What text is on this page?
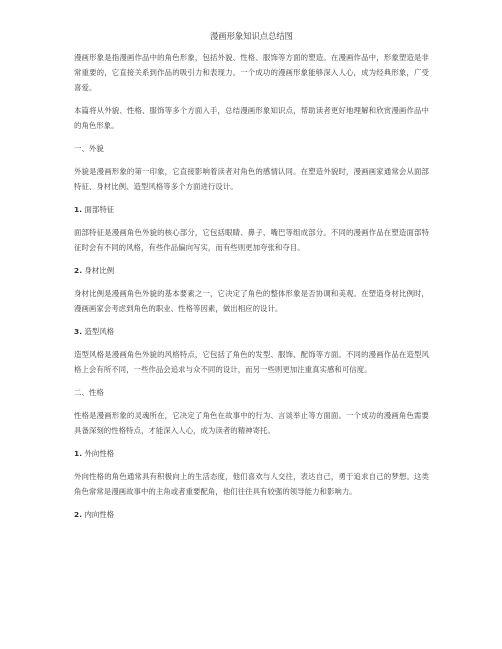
漫画形象知识点总结图

漫画形象是指漫画作品中的角色形象，包括外貌、性格、服饰等方面的塑造。在漫画作品中，形象塑造是非常重要的，它直接关系到作品的吸引力和表现力。一个成功的漫画形象能够深入人心，成为经典形象，广受喜爱。

本篇将从外貌、性格、服饰等多个方面入手，总结漫画形象知识点，帮助读者更好地理解和欣赏漫画作品中的角色形象。

一、外貌

外貌是漫画形象的第一印象，它直接影响着读者对角色的感情认同。在塑造外貌时，漫画画家通常会从面部特征、身材比例、造型风格等多个方面进行设计。

1. 面部特征

面部特征是漫画角色外貌的核心部分，它包括眼睛、鼻子、嘴巴等组成部分。不同的漫画作品在塑造面部特征时会有不同的风格，有些作品偏向写实，而有些则更加夸张和夺目。

2. 身材比例

身材比例是漫画角色外貌的基本要素之一，它决定了角色的整体形象是否协调和美观。在塑造身材比例时，漫画画家会考虑到角色的职业、性格等因素，做出相应的设计。

3. 造型风格

造型风格是漫画角色外貌的风格特点，它包括了角色的发型、服饰、配饰等方面。不同的漫画作品在造型风格上会有所不同，一些作品会追求与众不同的设计，而另一些则更加注重真实感和可信度。

二、性格

性格是漫画形象的灵魂所在，它决定了角色在故事中的行为、言谈举止等方面面。一个成功的漫画角色需要具备深刻的性格特点，才能深入人心，成为读者的精神寄托。

1. 外向性格

外向性格的角色通常具有积极向上的生活态度，他们喜欢与人交往，表达自己，勇于追求自己的梦想。这类角色常常是漫画故事中的主角或者重要配角，他们往往具有较强的领导能力和影响力。

2. 内向性格
